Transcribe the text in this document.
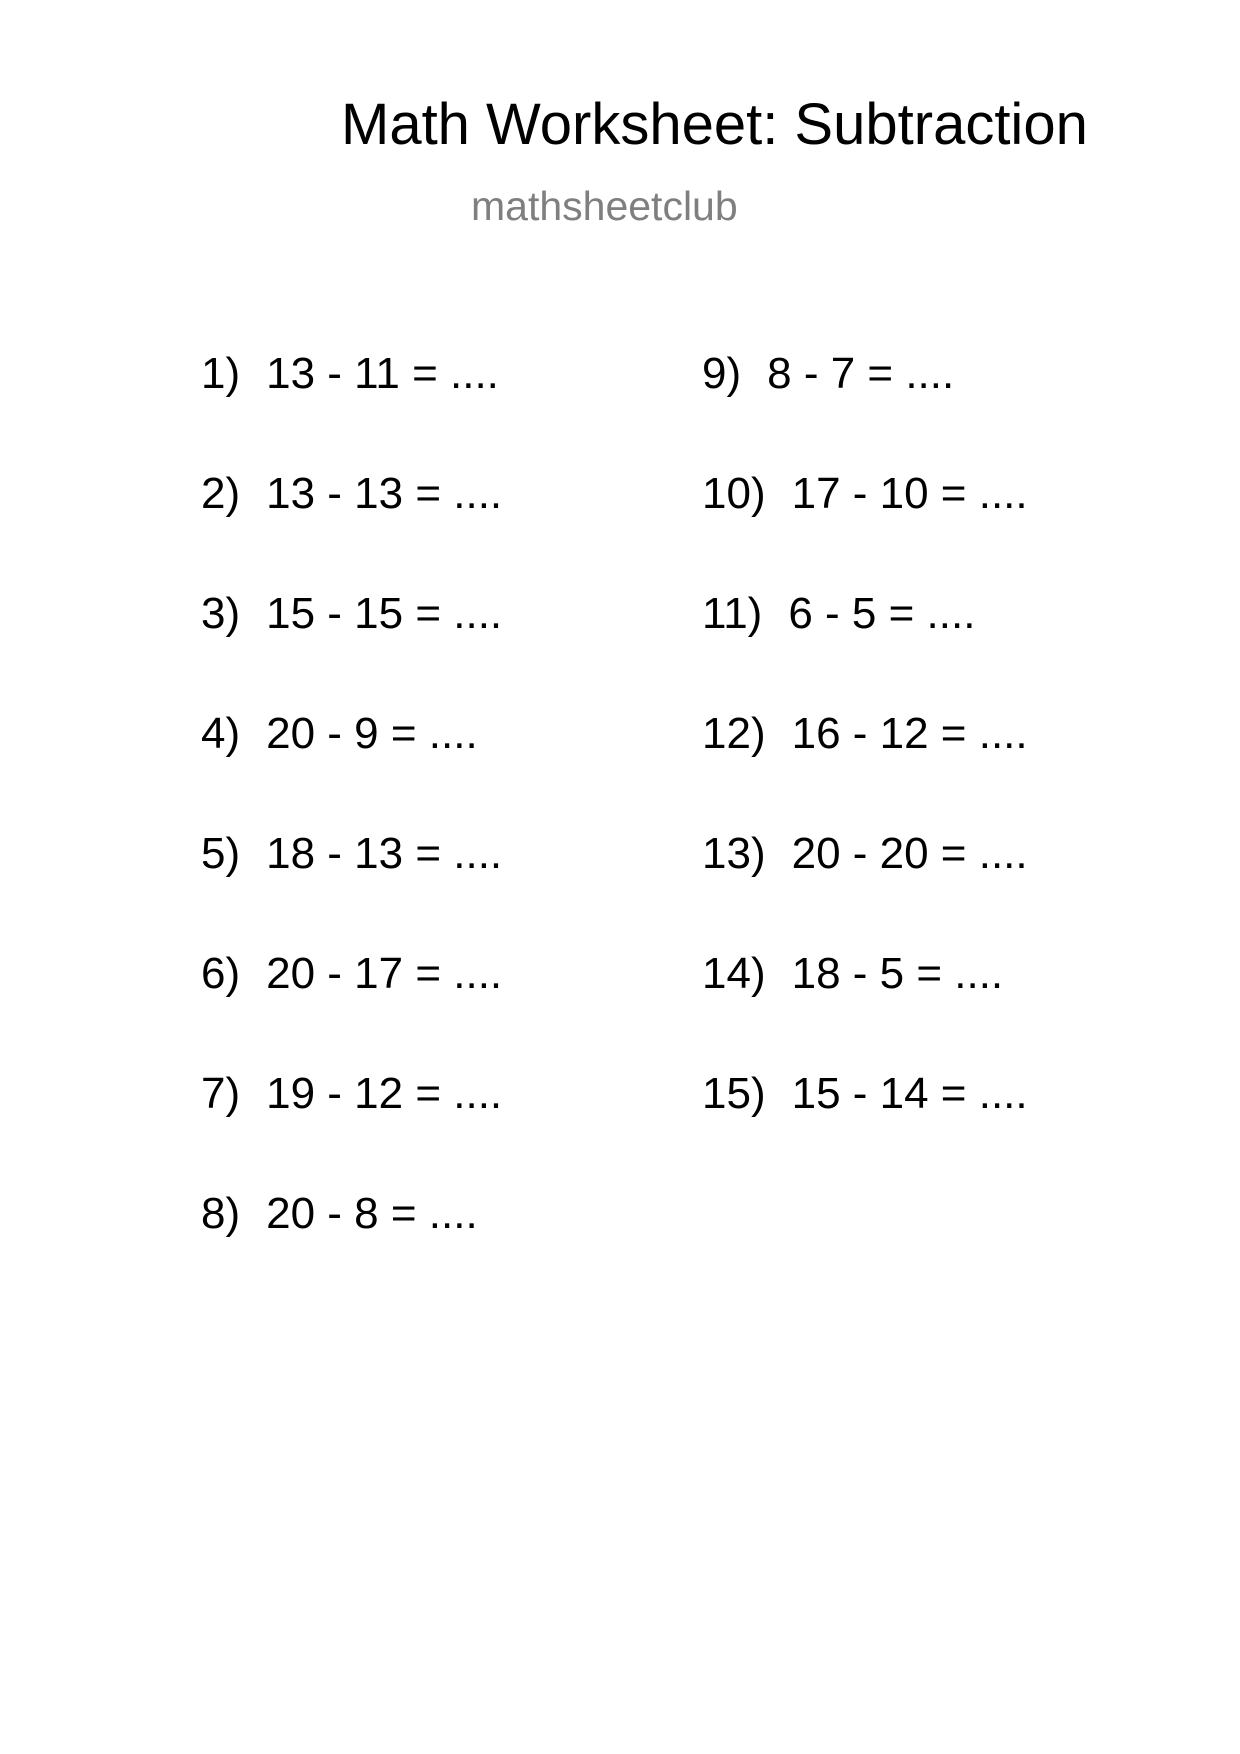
Math Worksheet: Subtraction
mathsheetclub
1) 13 - 11 = ....
2) 13 - 13 = ....
3) 15 - 15 = ....
4) 20 - 9 = ....
5) 18 - 13 = ....
6) 20 - 17 = ....
7) 19 - 12 = ....
8) 20 - 8 = ....
9) 8 - 7 = ....
10) 17 - 10 = ....
11) 6 - 5 = ....
12) 16 - 12 = ....
13) 20 - 20 = ....
14) 18 - 5 = ....
15) 15 - 14 = ....
